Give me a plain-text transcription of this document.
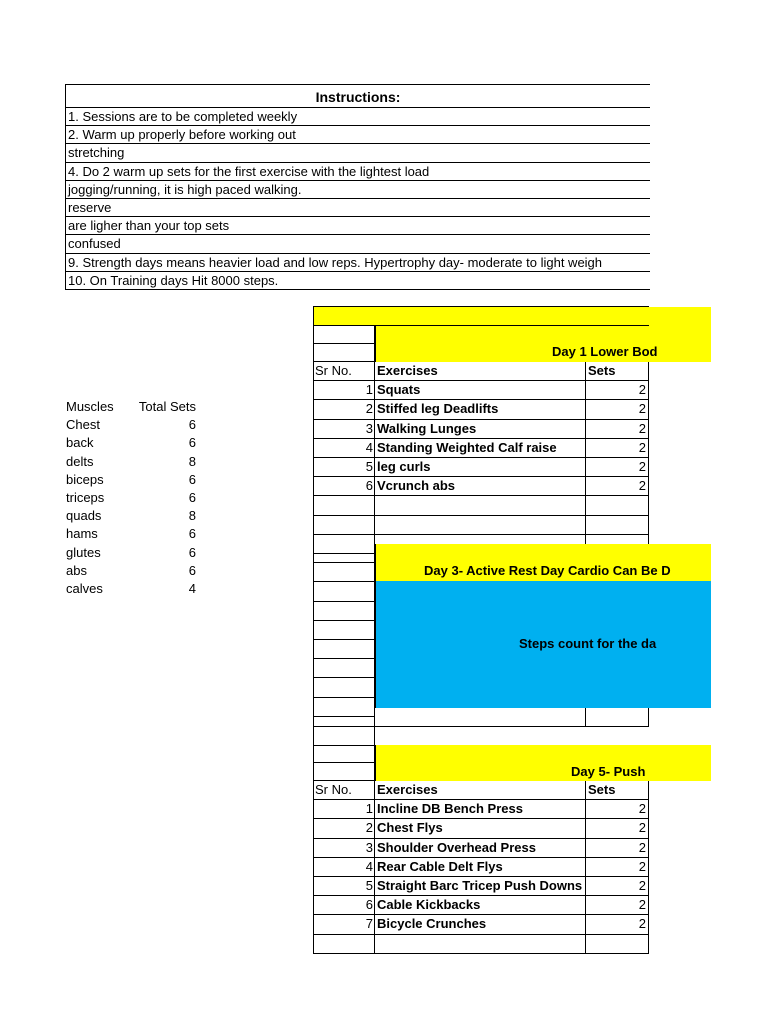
Instructions:
1. Sessions are to be completed weekly
2. Warm up properly before working out
stretching
4. Do 2 warm up sets for the first exercise with the lightest load
jogging/running, it is high paced walking.
reserve
are ligher than your top sets
confused
9. Strength days means heavier load and low reps. Hypertrophy day- moderate to light weigh
10. On Training days Hit 8000 steps.
Muscles Total Sets
Chest	6
back	6
delts	8
biceps	6
triceps	6
quads	8
hams	6
glutes	6
abs	6
calves	4
Day 1 Lower Bod
Sr No.	Exercises	Sets
1 Squats	2
2 Stiffed leg Deadlifts	2
3 Walking Lunges	2
4 Standing Weighted Calf raise	2
5 leg curls	2
6 Vcrunch abs	2
Day 3- Active Rest Day Cardio Can Be D
Steps count for the da
Day 5- Push
Sr No.	Exercises	Sets
1 Incline DB Bench Press	2
2 Chest Flys	2
3 Shoulder Overhead Press	2
4 Rear Cable Delt Flys	2
5 Straight Barc Tricep Push Downs	2
6 Cable Kickbacks	2
7 Bicycle Crunches	2
